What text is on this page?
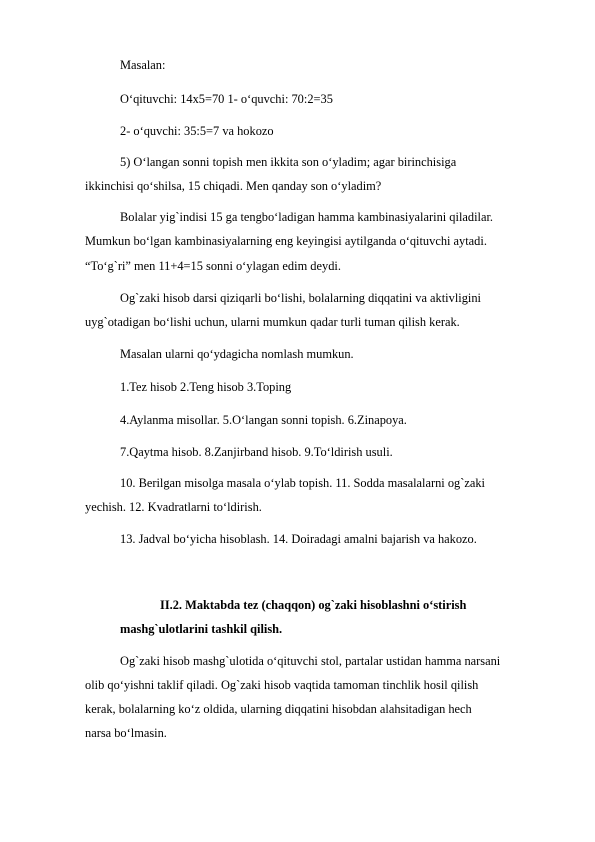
Masalan:

O‘qituvchi: 14x5=70 1- o‘quvchi: 70:2=35

2- o‘quvchi: 35:5=7 va hokozo

5) O‘langan sonni topish men ikkita son o‘yladim; agar birinchisiga

ikkinchisi qo‘shilsa, 15 chiqadi. Men qanday son o‘yladim?

Bolalar yig`indisi 15 ga tengbo‘ladigan hamma kambinasiyalarini qiladilar.

Mumkun bo‘lgan kambinasiyalarning eng keyingisi aytilganda o‘qituvchi aytadi.

“To‘g`ri” men 11+4=15 sonni o‘ylagan edim deydi.

Og`zaki hisob darsi qiziqarli bo‘lishi, bolalarning diqqatini va aktivligini

uyg`otadigan bo‘lishi uchun, ularni mumkun qadar turli tuman qilish kerak.

Masalan ularni qo‘ydagicha nomlash mumkun.

1.Tez hisob 2.Teng hisob 3.Toping

4.Aylanma misollar. 5.O‘langan sonni topish. 6.Zinapoya.

7.Qaytma hisob. 8.Zanjirband hisob. 9.To‘ldirish usuli.

10. Berilgan misolga masala o‘ylab topish. 11. Sodda masalalarni og`zaki

yechish. 12. Kvadratlarni to‘ldirish.

13. Jadval bo‘yicha hisoblash. 14. Doiradagi amalni bajarish va hakozo.

II.2. Maktabda tez (chaqqon) og`zaki hisoblashni o‘stirish

mashg`ulotlarini tashkil qilish.

Og`zaki hisob mashg`ulotida o‘qituvchi stol, partalar ustidan hamma narsani

olib qo‘yishni taklif qiladi. Og`zaki hisob vaqtida tamoman tinchlik hosil qilish

kerak, bolalarning ko‘z oldida, ularning diqqatini hisobdan alahsitadigan hech

narsa bo‘lmasin.
